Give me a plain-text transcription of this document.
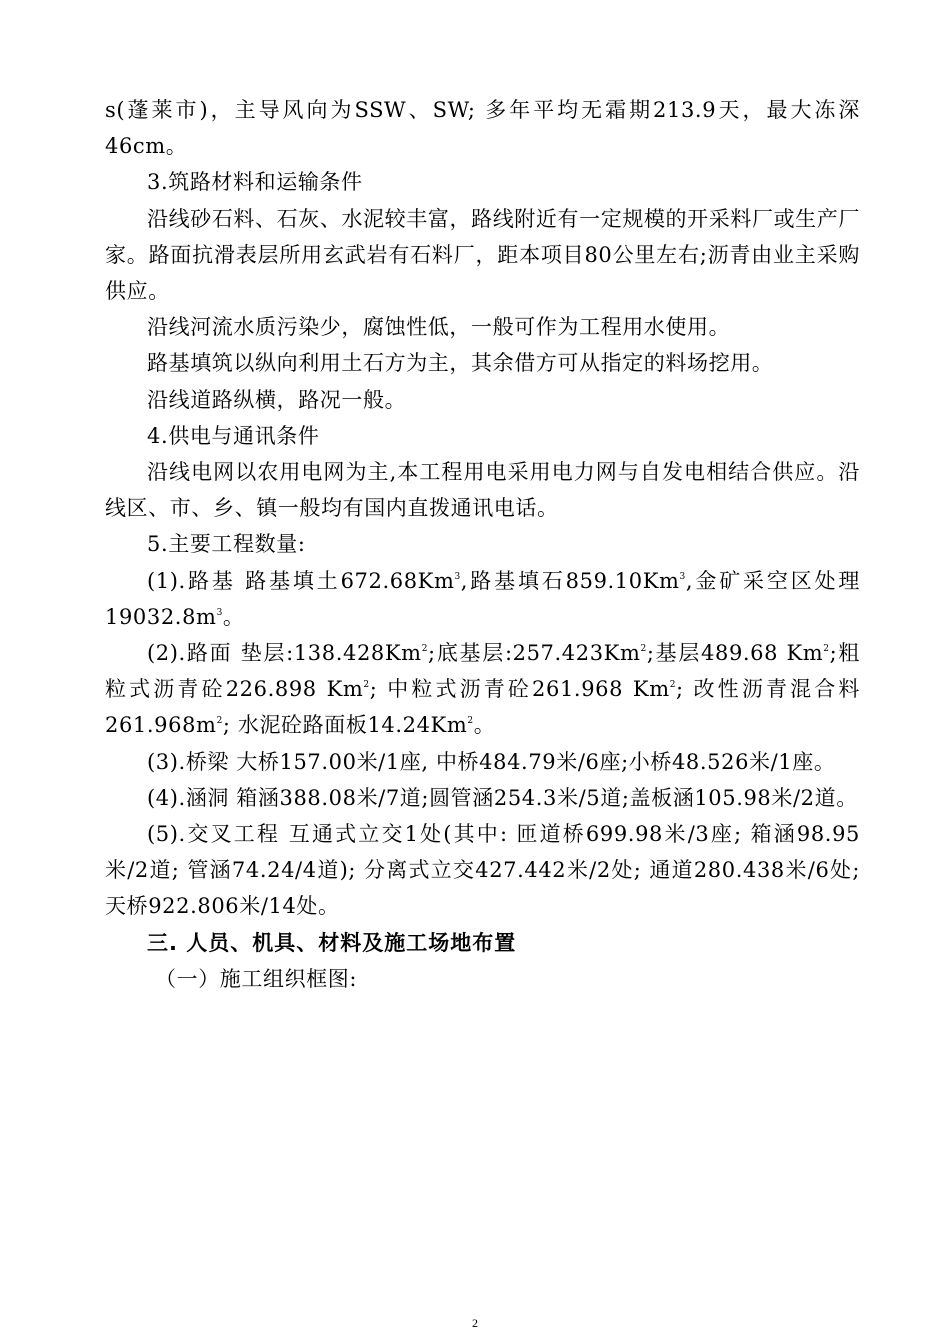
s(蓬莱市)，主导风向为SSW、SW; 多年平均无霜期213.9天，最大冻深46cm。

3.筑路材料和运输条件

沿线砂石料、石灰、水泥较丰富，路线附近有一定规模的开采料厂或生产厂家。路面抗滑表层所用玄武岩有石料厂，距本项目80公里左右;沥青由业主采购供应。

沿线河流水质污染少，腐蚀性低，一般可作为工程用水使用。

路基填筑以纵向利用土石方为主，其余借方可从指定的料场挖用。

沿线道路纵横，路况一般。

4.供电与通讯条件

沿线电网以农用电网为主,本工程用电采用电力网与自发电相结合供应。沿线区、市、乡、镇一般均有国内直拨通讯电话。

5.主要工程数量:

(1).路基 路基填土672.68Km$^3$,路基填石859.10Km$^3$,金矿采空区处理$19032.8m^3$。

(2).路面 垫层:138.428Km$^2$;底基层:257.423Km$^2$;基层489.68 Km$^2$;粗粒式沥青砼226.898 Km$^2$; 中粒式沥青砼261.968 Km$^2$; 改性沥青混合料$261.968m^2$; 水泥砼路面板14.24Km$^2$。

(3).桥梁 大桥157.00米/1座, 中桥484.79米/6座;小桥48.526米/1座。

(4).涵洞 箱涵388.08米/7道;圆管涵254.3米/5道;盖板涵105.98米/2道。

(5).交叉工程 互通式立交1处(其中: 匝道桥699.98米/3座; 箱涵98.95米/2道; 管涵74.24/4道); 分离式立交427.442米/2处; 通道280.438米/6处; 天桥922.806米/14处。

三. 人员、机具、材料及施工场地布置

（一）施工组织框图:

2
